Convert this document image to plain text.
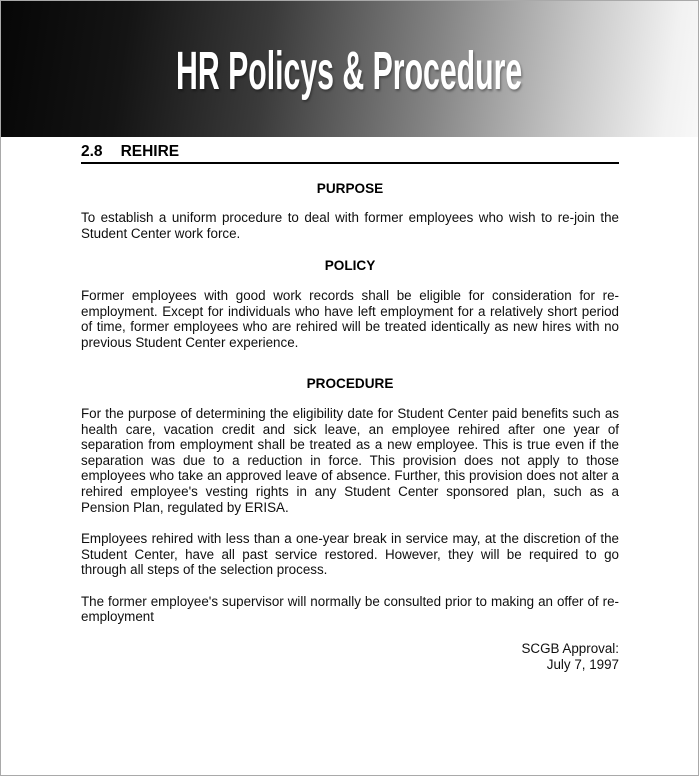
HR Policys & Procedure
2.8 REHIRE
PURPOSE

To establish a uniform procedure to deal with former employees who wish to re-join the Student Center work force.

POLICY

Former employees with good work records shall be eligible for consideration for re-employment. Except for individuals who have left employment for a relatively short period of time, former employees who are rehired will be treated identically as new hires with no previous Student Center experience.

PROCEDURE

For the purpose of determining the eligibility date for Student Center paid benefits such as health care, vacation credit and sick leave, an employee rehired after one year of separation from employment shall be treated as a new employee. This is true even if the separation was due to a reduction in force. This provision does not apply to those employees who take an approved leave of absence. Further, this provision does not alter a rehired employee's vesting rights in any Student Center sponsored plan, such as a Pension Plan, regulated by ERISA.

Employees rehired with less than a one-year break in service may, at the discretion of the Student Center, have all past service restored. However, they will be required to go through all steps of the selection process.

The former employee's supervisor will normally be consulted prior to making an offer of re-employment

SCGB Approval:
July 7, 1997
